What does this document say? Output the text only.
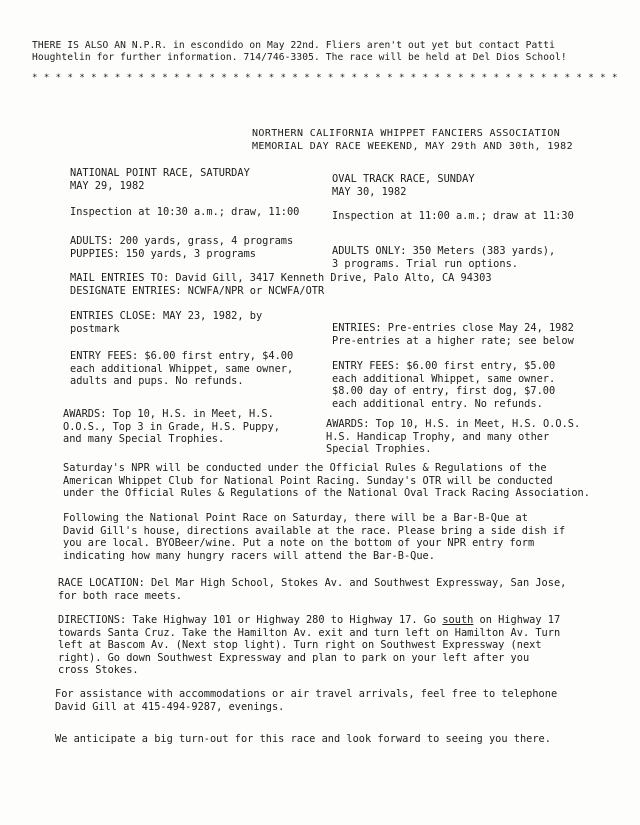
THERE IS ALSO AN N.P.R. in escondido on May 22nd. Fliers aren't out yet but contact Patti
Houghtelin for further information. 714/746-3305. The race will be held at Del Dios School!
* * * * * * * * * * * * * * * * * * * * * * * * * * * * * * * * * * * * * * * * * * * * * * * * * *
NORTHERN CALIFORNIA WHIPPET FANCIERS ASSOCIATION
MEMORIAL DAY RACE WEEKEND, MAY 29th AND 30th, 1982
NATIONAL POINT RACE, SATURDAY
MAY 29, 1982
Inspection at 10:30 a.m.; draw, 11:00
ADULTS: 200 yards, grass, 4 programs
PUPPIES: 150 yards, 3 programs
OVAL TRACK RACE, SUNDAY
MAY 30, 1982
Inspection at 11:00 a.m.; draw at 11:30
ADULTS ONLY: 350 Meters (383 yards),
3 programs. Trial run options.
MAIL ENTRIES TO: David Gill, 3417 Kenneth Drive, Palo Alto, CA 94303
DESIGNATE ENTRIES: NCWFA/NPR or NCWFA/OTR
ENTRIES CLOSE: MAY 23, 1982, by
postmark	ENTRIES: Pre-entries close May 24, 1982
Pre-entries at a higher rate; see below
ENTRY FEES: $6.00 first entry, $4.00
each additional Whippet, same owner,
adults and pups. No refunds.
ENTRY FEES: $6.00 first entry, $5.00
each additional Whippet, same owner.
$8.00 day of entry, first dog, $7.00
each additional entry. No refunds.
AWARDS: Top 10, H.S. in Meet, H.S.
O.O.S., Top 3 in Grade, H.S. Puppy,
and many Special Trophies.
AWARDS: Top 10, H.S. in Meet, H.S. O.O.S.
H.S. Handicap Trophy, and many other
Special Trophies.
Saturday's NPR will be conducted under the Official Rules & Regulations of the
American Whippet Club for National Point Racing. Sunday's OTR will be conducted
under the Official Rules & Regulations of the National Oval Track Racing Association.
Following the National Point Race on Saturday, there will be a Bar-B-Que at
David Gill's house, directions available at the race. Please bring a side dish if
you are local. BYOBeer/wine. Put a note on the bottom of your NPR entry form
indicating how many hungry racers will attend the Bar-B-Que.
RACE LOCATION: Del Mar High School, Stokes Av. and Southwest Expressway, San Jose,
for both race meets.
DIRECTIONS: Take Highway 101 or Highway 280 to Highway 17. Go south on Highway 17
towards Santa Cruz. Take the Hamilton Av. exit and turn left on Hamilton Av. Turn
left at Bascom Av. (Next stop light). Turn right on Southwest Expressway (next
right). Go down Southwest Expressway and plan to park on your left after you
cross Stokes.
For assistance with accommodations or air travel arrivals, feel free to telephone
David Gill at 415-494-9287, evenings.
We anticipate a big turn-out for this race and look forward to seeing you there.
